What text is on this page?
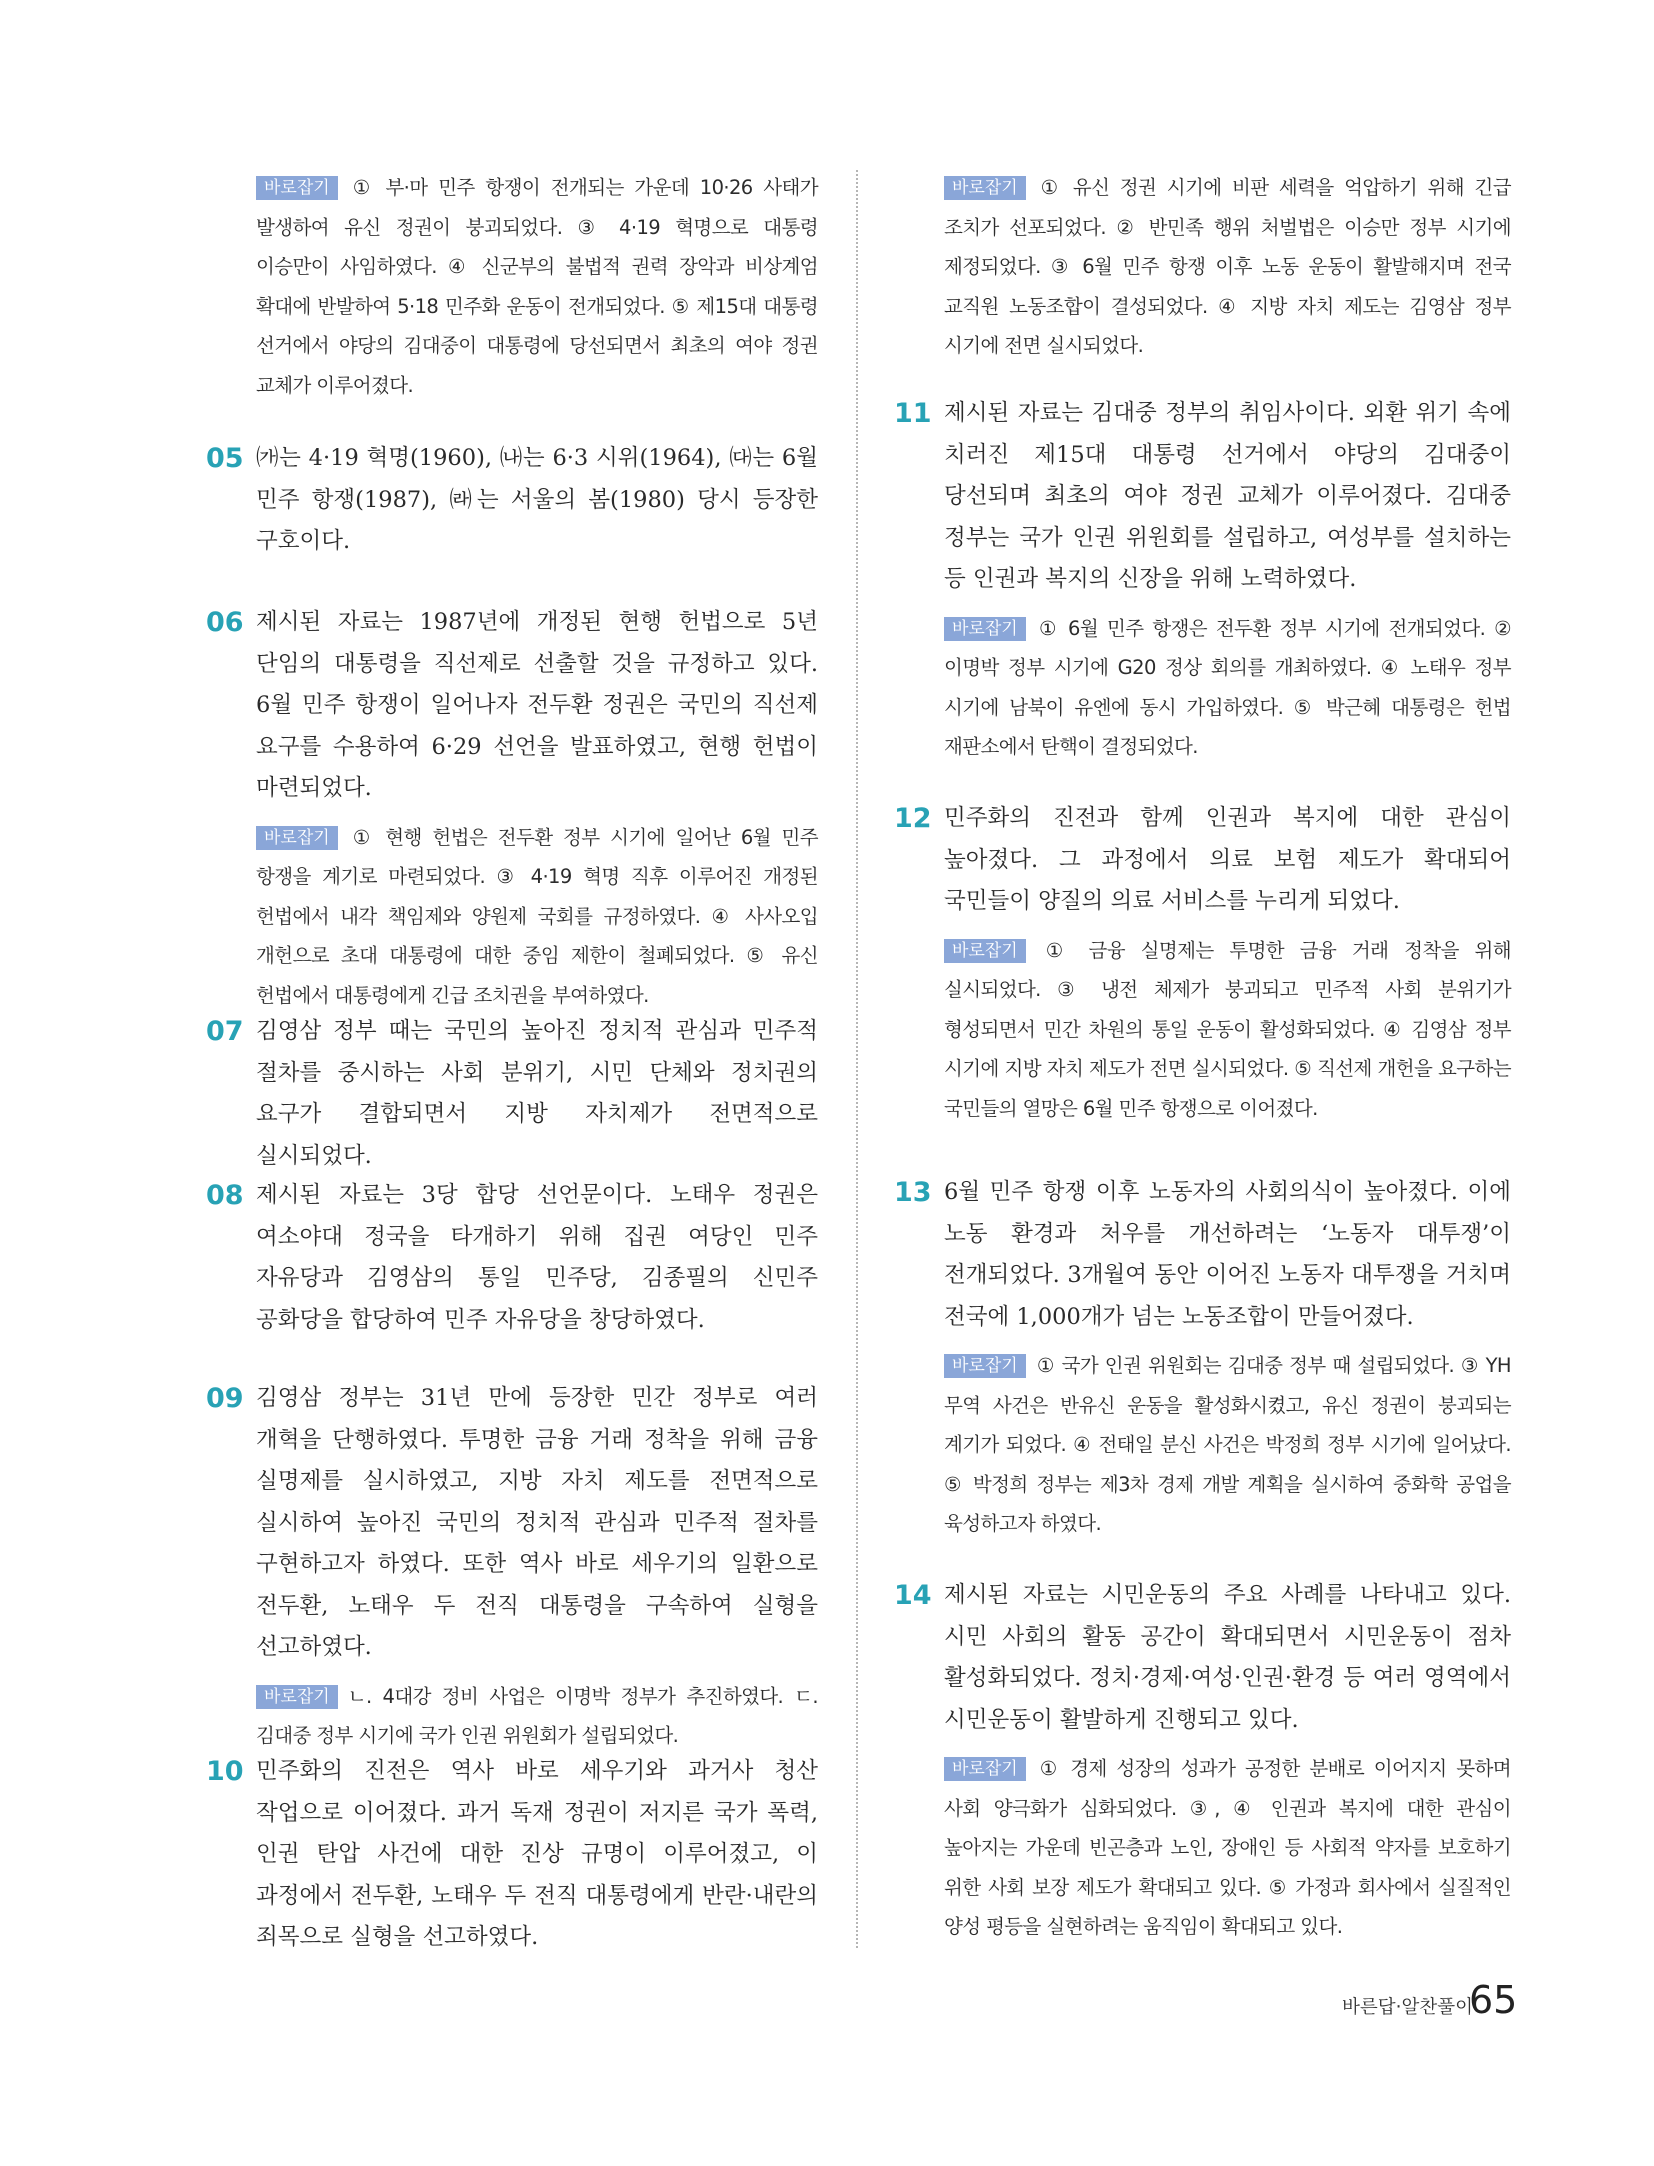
바로잡기 ① 부·마 민주 항쟁이 전개되는 가운데 10·26 사태가 발생하여 유신 정권이 붕괴되었다. ③ 4·19 혁명으로 대통령 이승만이 사임하였다. ④ 신군부의 불법적 권력 장악과 비상계엄 확대에 반발하여 5·18 민주화 운동이 전개되었다. ⑤ 제15대 대통령 선거에서 야당의 김대중이 대통령에 당선되면서 최초의 여야 정권 교체가 이루어졌다.
05 ㈎는 4·19 혁명(1960), ㈏는 6·3 시위(1964), ㈐는 6월 민주 항쟁(1987), ㈑는 서울의 봄(1980) 당시 등장한 구호이다.
06 제시된 자료는 1987년에 개정된 현행 헌법으로 5년 단임의 대통령을 직선제로 선출할 것을 규정하고 있다. 6월 민주 항쟁이 일어나자 전두환 정권은 국민의 직선제 요구를 수용하여 6·29 선언을 발표하였고, 현행 헌법이 마련되었다.
바로잡기 ① 현행 헌법은 전두환 정부 시기에 일어난 6월 민주 항쟁을 계기로 마련되었다. ③ 4·19 혁명 직후 이루어진 개정된 헌법에서 내각 책임제와 양원제 국회를 규정하였다. ④ 사사오입 개헌으로 초대 대통령에 대한 중임 제한이 철폐되었다. ⑤ 유신 헌법에서 대통령에게 긴급 조치권을 부여하였다.
07 김영삼 정부 때는 국민의 높아진 정치적 관심과 민주적 절차를 중시하는 사회 분위기, 시민 단체와 정치권의 요구가 결합되면서 지방 자치제가 전면적으로 실시되었다.
08 제시된 자료는 3당 합당 선언문이다. 노태우 정권은 여소야대 정국을 타개하기 위해 집권 여당인 민주 자유당과 김영삼의 통일 민주당, 김종필의 신민주 공화당을 합당하여 민주 자유당을 창당하였다.
09 김영삼 정부는 31년 만에 등장한 민간 정부로 여러 개혁을 단행하였다. 투명한 금융 거래 정착을 위해 금융 실명제를 실시하였고, 지방 자치 제도를 전면적으로 실시하여 높아진 국민의 정치적 관심과 민주적 절차를 구현하고자 하였다. 또한 역사 바로 세우기의 일환으로 전두환, 노태우 두 전직 대통령을 구속하여 실형을 선고하였다.
바로잡기 ㄴ. 4대강 정비 사업은 이명박 정부가 추진하였다. ㄷ. 김대중 정부 시기에 국가 인권 위원회가 설립되었다.
10 민주화의 진전은 역사 바로 세우기와 과거사 청산 작업으로 이어졌다. 과거 독재 정권이 저지른 국가 폭력, 인권 탄압 사건에 대한 진상 규명이 이루어졌고, 이 과정에서 전두환, 노태우 두 전직 대통령에게 반란·내란의 죄목으로 실형을 선고하였다.
바로잡기 ① 유신 정권 시기에 비판 세력을 억압하기 위해 긴급 조치가 선포되었다. ② 반민족 행위 처벌법은 이승만 정부 시기에 제정되었다. ③ 6월 민주 항쟁 이후 노동 운동이 활발해지며 전국 교직원 노동조합이 결성되었다. ④ 지방 자치 제도는 김영삼 정부 시기에 전면 실시되었다.
11 제시된 자료는 김대중 정부의 취임사이다. 외환 위기 속에 치러진 제15대 대통령 선거에서 야당의 김대중이 당선되며 최초의 여야 정권 교체가 이루어졌다. 김대중 정부는 국가 인권 위원회를 설립하고, 여성부를 설치하는 등 인권과 복지의 신장을 위해 노력하였다.
바로잡기 ① 6월 민주 항쟁은 전두환 정부 시기에 전개되었다. ② 이명박 정부 시기에 G20 정상 회의를 개최하였다. ④ 노태우 정부 시기에 남북이 유엔에 동시 가입하였다. ⑤ 박근혜 대통령은 헌법 재판소에서 탄핵이 결정되었다.
12 민주화의 진전과 함께 인권과 복지에 대한 관심이 높아졌다. 그 과정에서 의료 보험 제도가 확대되어 국민들이 양질의 의료 서비스를 누리게 되었다.
바로잡기 ① 금융 실명제는 투명한 금융 거래 정착을 위해 실시되었다. ③ 냉전 체제가 붕괴되고 민주적 사회 분위기가 형성되면서 민간 차원의 통일 운동이 활성화되었다. ④ 김영삼 정부 시기에 지방 자치 제도가 전면 실시되었다. ⑤ 직선제 개헌을 요구하는 국민들의 열망은 6월 민주 항쟁으로 이어졌다.
13 6월 민주 항쟁 이후 노동자의 사회의식이 높아졌다. 이에 노동 환경과 처우를 개선하려는 ‘노동자 대투쟁’이 전개되었다. 3개월여 동안 이어진 노동자 대투쟁을 거치며 전국에 1,000개가 넘는 노동조합이 만들어졌다.
바로잡기 ① 국가 인권 위원회는 김대중 정부 때 설립되었다. ③ YH 무역 사건은 반유신 운동을 활성화시켰고, 유신 정권이 붕괴되는 계기가 되었다. ④ 전태일 분신 사건은 박정희 정부 시기에 일어났다. ⑤ 박정희 정부는 제3차 경제 개발 계획을 실시하여 중화학 공업을 육성하고자 하였다.
14 제시된 자료는 시민운동의 주요 사례를 나타내고 있다. 시민 사회의 활동 공간이 확대되면서 시민운동이 점차 활성화되었다. 정치·경제·여성·인권·환경 등 여러 영역에서 시민운동이 활발하게 진행되고 있다.
바로잡기 ① 경제 성장의 성과가 공정한 분배로 이어지지 못하며 사회 양극화가 심화되었다. ③, ④ 인권과 복지에 대한 관심이 높아지는 가운데 빈곤층과 노인, 장애인 등 사회적 약자를 보호하기 위한 사회 보장 제도가 확대되고 있다. ⑤ 가정과 회사에서 실질적인 양성 평등을 실현하려는 움직임이 확대되고 있다.
바른답·알찬풀이
65
